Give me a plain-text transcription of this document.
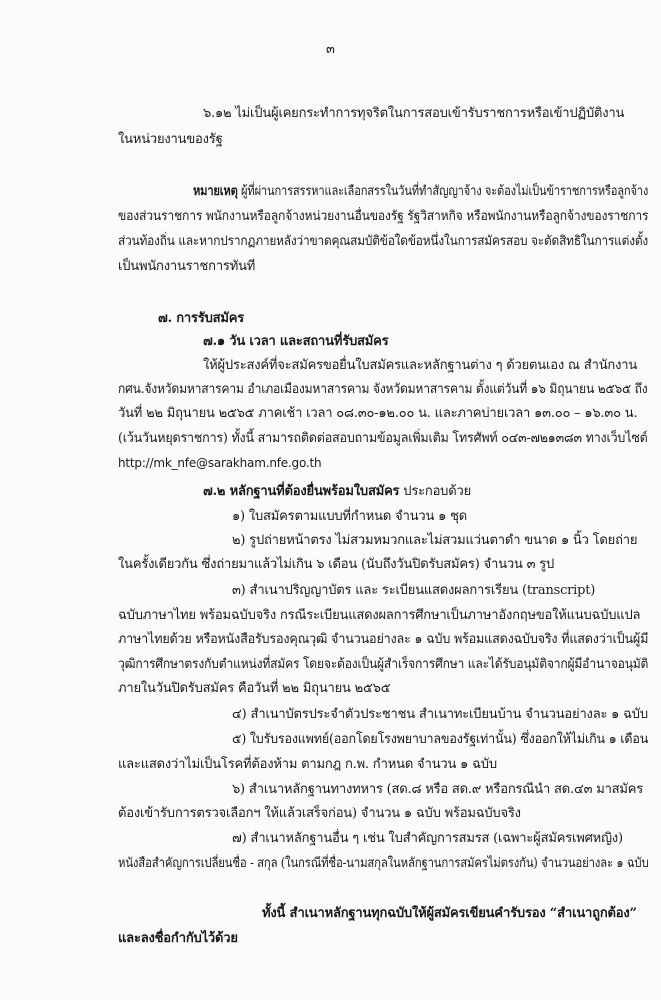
๓
๖.๑๒ ไม่เป็นผู้เคยกระทำการทุจริตในการสอบเข้ารับราชการหรือเข้าปฏิบัติงาน
ในหน่วยงานของรัฐ
หมายเหตุ ผู้ที่ผ่านการสรรหาและเลือกสรรในวันที่ทำสัญญาจ้าง จะต้องไม่เป็นข้าราชการหรือลูกจ้าง
ของส่วนราชการ พนักงานหรือลูกจ้างหน่วยงานอื่นของรัฐ รัฐวิสาหกิจ หรือพนักงานหรือลูกจ้างของราชการ
ส่วนท้องถิ่น และหากปรากฏภายหลังว่าขาดคุณสมบัติข้อใดข้อหนึ่งในการสมัครสอบ จะตัดสิทธิในการแต่งตั้ง
เป็นพนักงานราชการทันที
๗. การรับสมัคร
๗.๑ วัน เวลา และสถานที่รับสมัคร
ให้ผู้ประสงค์ที่จะสมัครขอยื่นใบสมัครและหลักฐานต่าง ๆ ด้วยตนเอง ณ สำนักงาน
กศน.จังหวัดมหาสารคาม อำเภอเมืองมหาสารคาม จังหวัดมหาสารคาม ตั้งแต่วันที่ ๑๖ มิถุนายน ๒๕๖๕ ถึง
วันที่ ๒๒ มิถุนายน ๒๕๖๕ ภาคเช้า เวลา ๐๘.๓๐-๑๒.๐๐ น. และภาคบ่ายเวลา ๑๓.๐๐ – ๑๖.๓๐ น.
(เว้นวันหยุดราชการ) ทั้งนี้ สามารถติดต่อสอบถามข้อมูลเพิ่มเติม โทรศัพท์ ๐๔๓-๗๒๑๓๘๓ ทางเว็บไซต์
http://mk_nfe@sarakham.nfe.go.th
๗.๒ หลักฐานที่ต้องยื่นพร้อมใบสมัคร ประกอบด้วย
๑) ใบสมัครตามแบบที่กำหนด จำนวน ๑ ชุด
๒) รูปถ่ายหน้าตรง ไม่สวมหมวกและไม่สวมแว่นตาดำ ขนาด ๑ นิ้ว โดยถ่าย
ในครั้งเดียวกัน ซึ่งถ่ายมาแล้วไม่เกิน ๖ เดือน (นับถึงวันปิดรับสมัคร) จำนวน ๓ รูป
๓) สำเนาปริญญาบัตร และ ระเบียนแสดงผลการเรียน (transcript)
ฉบับภาษาไทย พร้อมฉบับจริง กรณีระเบียนแสดงผลการศึกษาเป็นภาษาอังกฤษขอให้แนบฉบับแปล
ภาษาไทยด้วย หรือหนังสือรับรองคุณวุฒิ จำนวนอย่างละ ๑ ฉบับ พร้อมแสดงฉบับจริง ที่แสดงว่าเป็นผู้มี
วุฒิการศึกษาตรงกับตำแหน่งที่สมัคร โดยจะต้องเป็นผู้สำเร็จการศึกษา และได้รับอนุมัติจากผู้มีอำนาจอนุมัติ
ภายในวันปิดรับสมัคร คือวันที่ ๒๒ มิถุนายน ๒๕๖๕
๔) สำเนาบัตรประจำตัวประชาชน สำเนาทะเบียนบ้าน จำนวนอย่างละ ๑ ฉบับ
๕) ใบรับรองแพทย์(ออกโดยโรงพยาบาลของรัฐเท่านั้น) ซึ่งออกให้ไม่เกิน ๑ เดือน
และแสดงว่าไม่เป็นโรคที่ต้องห้าม ตามกฎ ก.พ. กำหนด จำนวน ๑ ฉบับ
๖) สำเนาหลักฐานทางทหาร (สด.๘ หรือ สด.๙ หรือกรณีนำ สด.๔๓ มาสมัคร
ต้องเข้ารับการตรวจเลือกฯ ให้แล้วเสร็จก่อน) จำนวน ๑ ฉบับ พร้อมฉบับจริง
๗) สำเนาหลักฐานอื่น ๆ เช่น ใบสำคัญการสมรส (เฉพาะผู้สมัครเพศหญิง)
หนังสือสำคัญการเปลี่ยนชื่อ - สกุล (ในกรณีที่ชื่อ-นามสกุลในหลักฐานการสมัครไม่ตรงกัน) จำนวนอย่างละ ๑ ฉบับ
ทั้งนี้ สำเนาหลักฐานทุกฉบับให้ผู้สมัครเขียนคำรับรอง “สำเนาถูกต้อง”
และลงชื่อกำกับไว้ด้วย
